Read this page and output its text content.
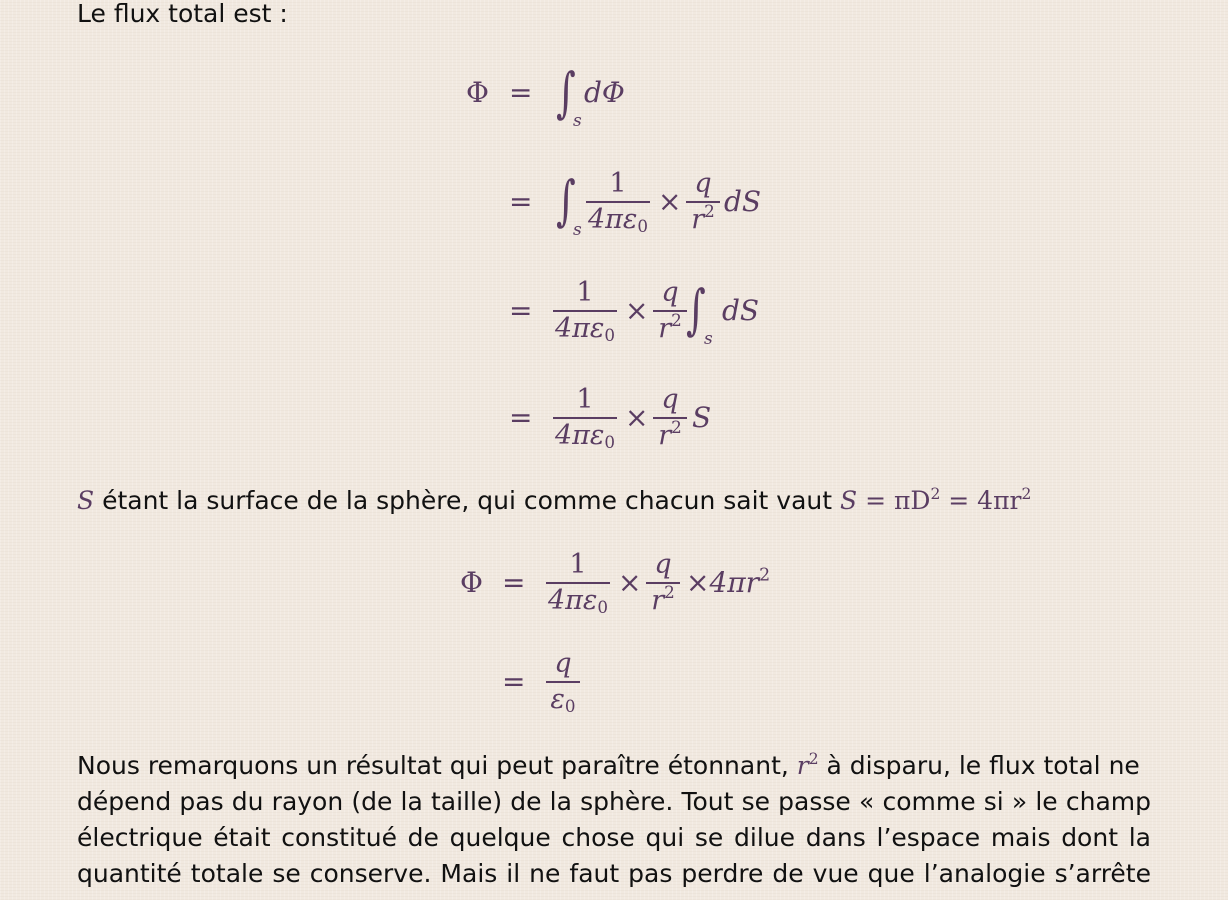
Le flux total est :
Φ = ∫
s
dΦ
= ∫
s
1
4πε0
×
q
$r^2$ dS
=
1
4πε0
×
q
$r^2$ ∫
s
dS
=
1
4πε0
×
q
$r^2$ S
S étant la surface de la sphère, qui comme chacun sait vaut $S = \pi D^2 = 4\pi r^2$
Φ =
1
4πε0
×
q
$r^2 \times 4\pi r^2$
=
q
ε0
Nous remarquons un résultat qui peut paraître étonnant, $r^2$ à disparu, le flux total ne
dépend pas du rayon (de la taille) de la sphère. Tout se passe « comme si » le champ
électrique était constitué de quelque chose qui se dilue dans l’espace mais dont la
quantité totale se conserve. Mais il ne faut pas perdre de vue que l’analogie s’arrête
